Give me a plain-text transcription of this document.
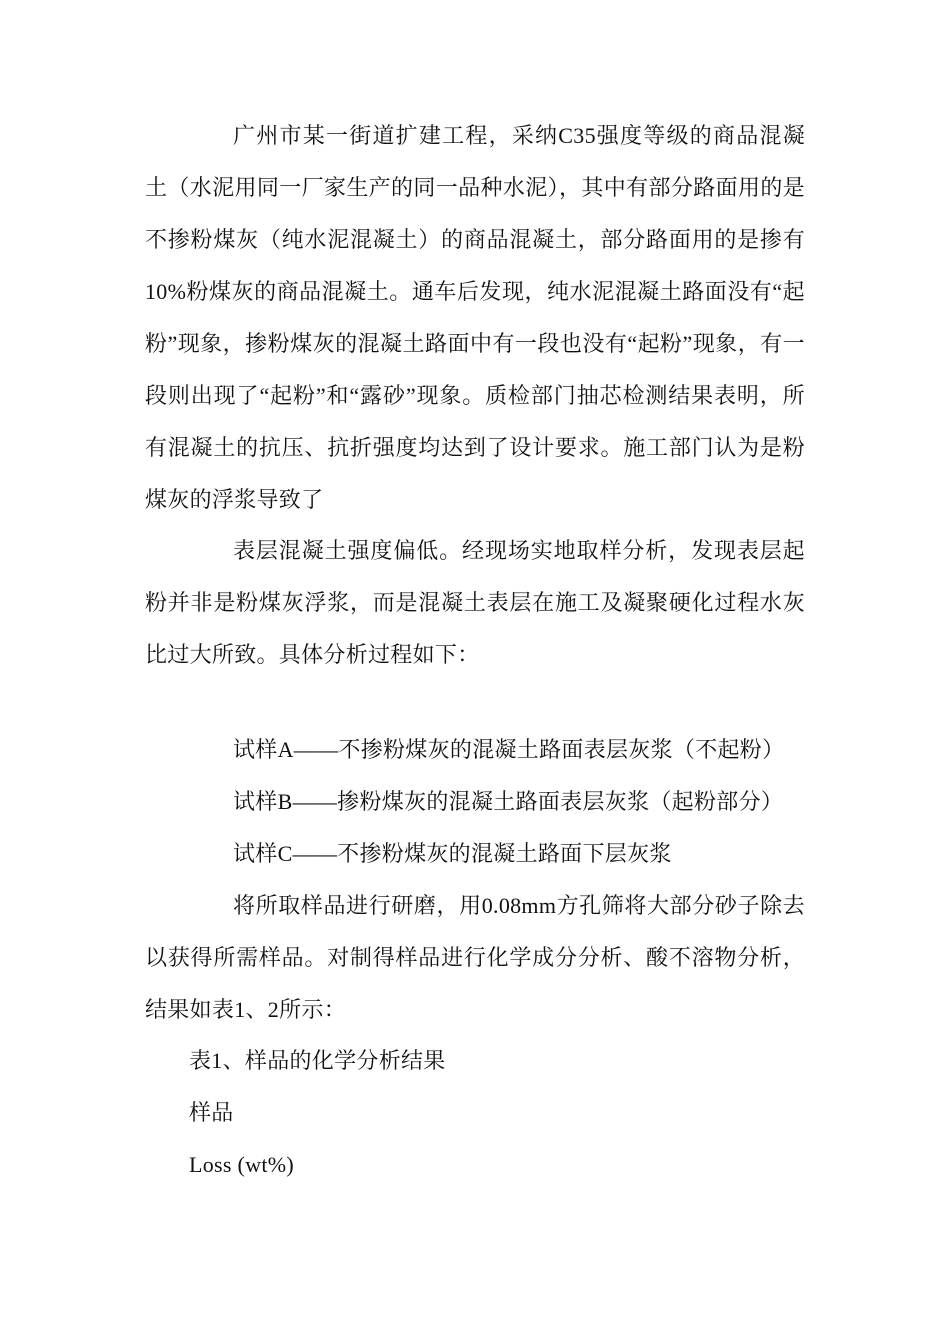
广州市某一街道扩建工程，采纳C35强度等级的商品混凝土（水泥用同一厂家生产的同一品种水泥），其中有部分路面用的是不掺粉煤灰（纯水泥混凝土）的商品混凝土，部分路面用的是掺有10%粉煤灰的商品混凝土。通车后发现，纯水泥混凝土路面没有“起粉”现象，掺粉煤灰的混凝土路面中有一段也没有“起粉”现象，有一段则出现了“起粉”和“露砂”现象。质检部门抽芯检测结果表明，所有混凝土的抗压、抗折强度均达到了设计要求。施工部门认为是粉煤灰的浮浆导致了

表层混凝土强度偏低。经现场实地取样分析，发现表层起粉并非是粉煤灰浮浆，而是混凝土表层在施工及凝聚硬化过程水灰比过大所致。具体分析过程如下：

试样A——不掺粉煤灰的混凝土路面表层灰浆（不起粉）

试样B——掺粉煤灰的混凝土路面表层灰浆（起粉部分）

试样C——不掺粉煤灰的混凝土路面下层灰浆

将所取样品进行研磨，用0.08mm方孔筛将大部分砂子除去以获得所需样品。对制得样品进行化学成分分析、酸不溶物分析，结果如表1、2所示：

表1、样品的化学分析结果

样品

Loss (wt%)
